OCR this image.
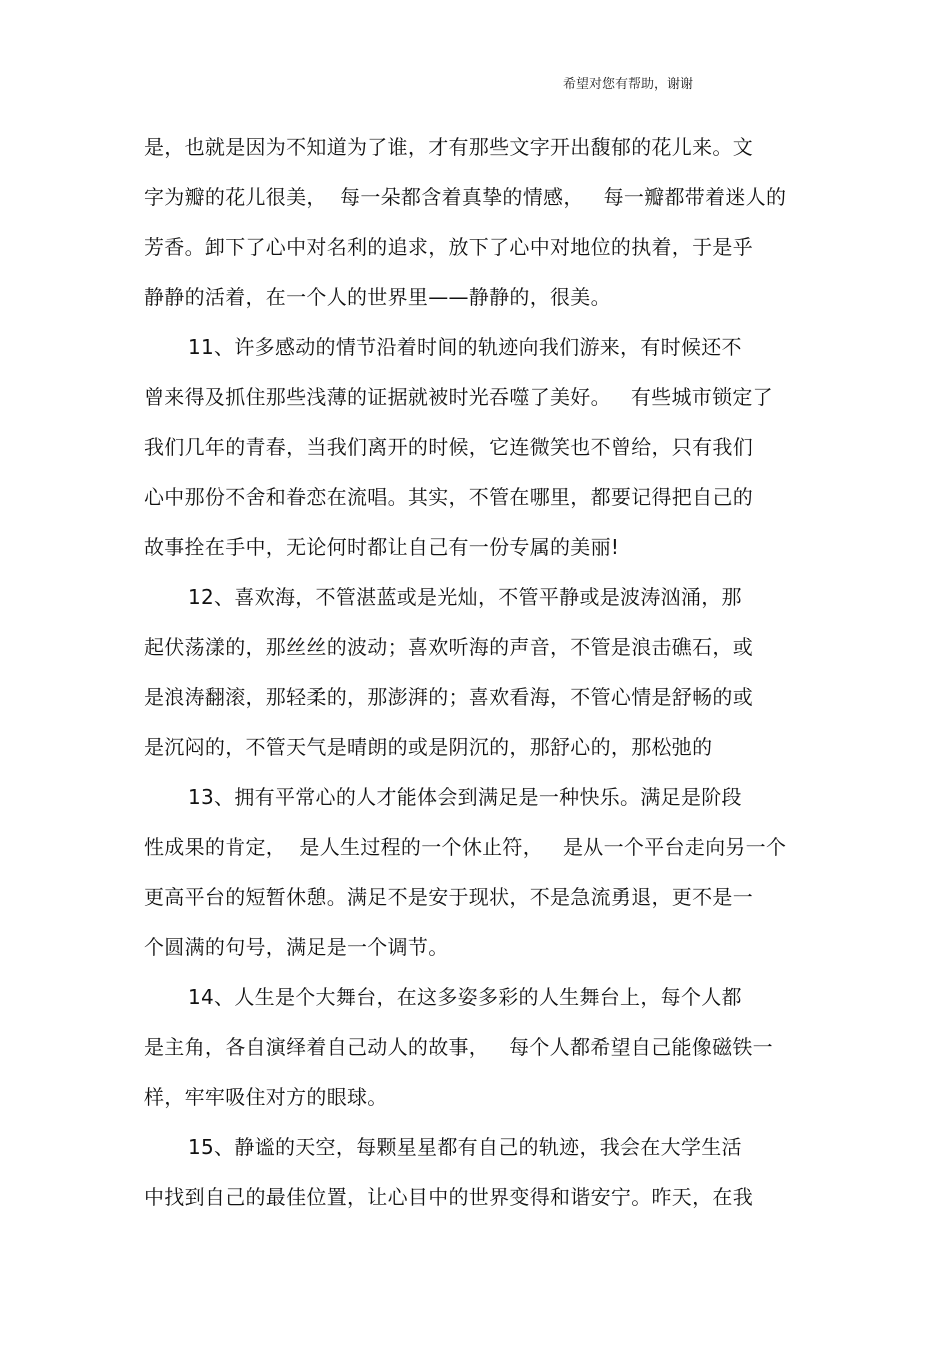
希望对您有帮助，谢谢
是，也就是因为不知道为了谁，才有那些文字开出馥郁的花儿来。文
字为瓣的花儿很美，  每一朵都含着真挚的情感，   每一瓣都带着迷人的
芳香。卸下了心中对名利的追求，放下了心中对地位的执着，于是乎
静静的活着，在一个人的世界里——静静的，很美。
11、许多感动的情节沿着时间的轨迹向我们游来，有时候还不
曾来得及抓住那些浅薄的证据就被时光吞噬了美好。   有些城市锁定了
我们几年的青春，当我们离开的时候，它连微笑也不曾给，只有我们
心中那份不舍和眷恋在流唱。其实，不管在哪里，都要记得把自己的
故事拴在手中，无论何时都让自己有一份专属的美丽!
12、喜欢海，不管湛蓝或是光灿，不管平静或是波涛汹涌，那
起伏荡漾的，那丝丝的波动；喜欢听海的声音，不管是浪击礁石，或
是浪涛翻滚，那轻柔的，那澎湃的；喜欢看海，不管心情是舒畅的或
是沉闷的，不管天气是晴朗的或是阴沉的，那舒心的，那松弛的
13、拥有平常心的人才能体会到满足是一种快乐。满足是阶段
性成果的肯定，  是人生过程的一个休止符，   是从一个平台走向另一个
更高平台的短暂休憩。满足不是安于现状，不是急流勇退，更不是一
个圆满的句号，满足是一个调节。
14、人生是个大舞台，在这多姿多彩的人生舞台上，每个人都
是主角，各自演绎着自己动人的故事，   每个人都希望自己能像磁铁一
样，牢牢吸住对方的眼球。
15、静谧的天空，每颗星星都有自己的轨迹，我会在大学生活
中找到自己的最佳位置，让心目中的世界变得和谐安宁。昨天，在我
